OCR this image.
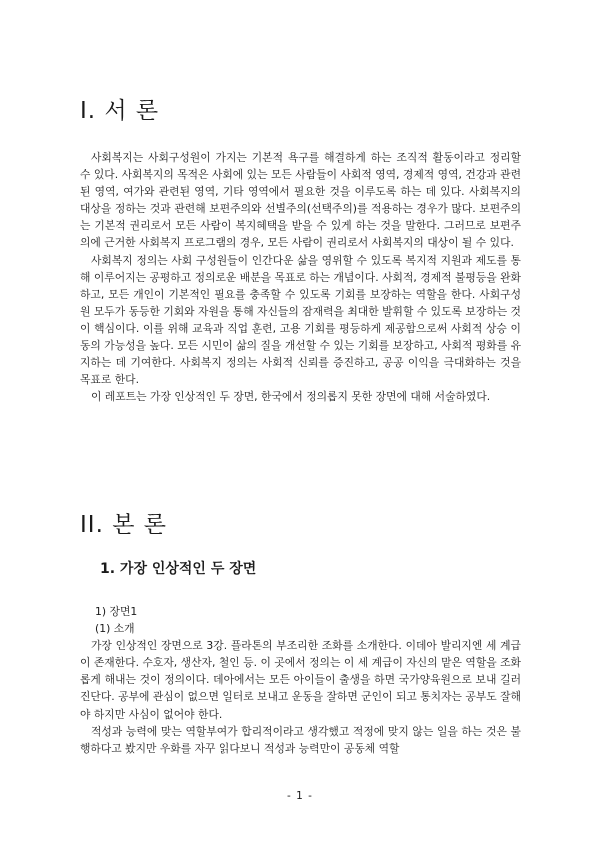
I. 서 론

사회복지는 사회구성원이 가지는 기본적 욕구를 해결하게 하는 조직적 활동이라고 정리할 수 있다. 사회복지의 목적은 사회에 있는 모든 사람들이 사회적 영역, 경제적 영역, 건강과 관련된 영역, 여가와 관련된 영역, 기타 영역에서 필요한 것을 이루도록 하는 데 있다. 사회복지의 대상을 정하는 것과 관련해 보편주의와 선별주의(선택주의)를 적용하는 경우가 많다. 보편주의는 기본적 권리로서 모든 사람이 복지혜택을 받을 수 있게 하는 것을 말한다. 그러므로 보편주의에 근거한 사회복지 프로그램의 경우, 모든 사람이 권리로서 사회복지의 대상이 될 수 있다.

사회복지 정의는 사회 구성원들이 인간다운 삶을 영위할 수 있도록 복지적 지원과 제도를 통해 이루어지는 공평하고 정의로운 배분을 목표로 하는 개념이다. 사회적, 경제적 불평등을 완화하고, 모든 개인이 기본적인 필요를 충족할 수 있도록 기회를 보장하는 역할을 한다. 사회구성원 모두가 동등한 기회와 자원을 통해 자신들의 잠재력을 최대한 발휘할 수 있도록 보장하는 것이 핵심이다. 이를 위해 교육과 직업 훈련, 고용 기회를 평등하게 제공함으로써 사회적 상승 이동의 가능성을 높다. 모든 시민이 삶의 질을 개선할 수 있는 기회를 보장하고, 사회적 평화를 유지하는 데 기여한다. 사회복지 정의는 사회적 신뢰를 증진하고, 공공 이익을 극대화하는 것을 목표로 한다.

이 레포트는 가장 인상적인 두 장면, 한국에서 정의롭지 못한 장면에 대해 서술하였다.

II. 본 론
1. 가장 인상적인 두 장면
1) 장면1
(1) 소개

가장 인상적인 장면으로 3강. 플라톤의 부조리한 조화를 소개한다. 이데아 발리지엔 세 계급이 존재한다. 수호자, 생산자, 철인 등. 이 곳에서 정의는 이 세 계급이 자신의 맡은 역할을 조화롭게 해내는 것이 정의이다. 데아에서는 모든 아이들이 출생을 하면 국가양육원으로 보내 길러진단다. 공부에 관심이 없으면 일터로 보내고 운동을 잘하면 군인이 되고 통치자는 공부도 잘해야 하지만 사심이 없어야 한다.

적성과 능력에 맞는 역할부여가 합리적이라고 생각했고 적정에 맞지 않는 일을 하는 것은 불행하다고 봤지만 우화를 자꾸 읽다보니 적성과 능력만이 공동체 역할

- 1 -
